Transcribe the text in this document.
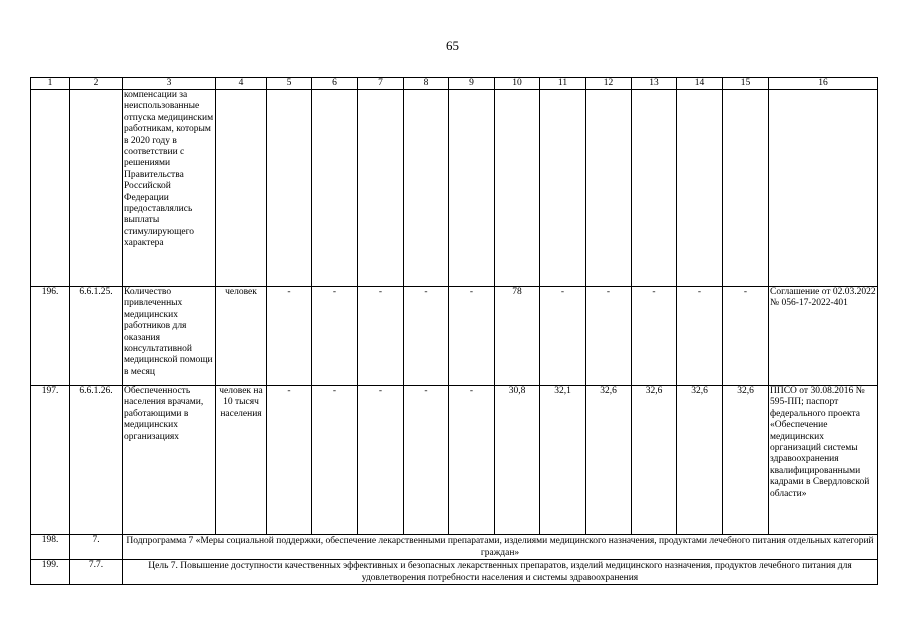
65
1	2	3	4	5	6	7	8	9	10	11	12	13	14	15	16
		компенсации за неиспользованные отпуска медицинским работникам, которым в 2020 году в соответствии с решениями Правительства Российской Федерации предоставлялись выплаты стимулирующего характера													
196.	6.6.1.25.	Количество привлеченных медицинских работников для оказания консультативной медицинской помощи в месяц	человек	-	-	-	-	-	78	-	-	-	-	-	Соглашение от 02.03.2022 № 056-17-2022-401
197.	6.6.1.26.	Обеспеченность населения врачами, работающими в медицинских организациях	человек на 10 тысяч населения	-	-	-	-	-	30,8	32,1	32,6	32,6	32,6	32,6	ППСО от 30.08.2016 № 595-ПП; паспорт федерального проекта «Обеспечение медицинских организаций системы здравоохранения квалифицированными кадрами в Свердловской области»
198.	7.	Подпрограмма 7 «Меры социальной поддержки, обеспечение лекарственными препаратами, изделиями медицинского назначения, продуктами лечебного питания отдельных категорий граждан»													
199.	7.7.	Цель 7. Повышение доступности качественных эффективных и безопасных лекарственных препаратов, изделий медицинского назначения, продуктов лечебного питания для удовлетворения потребности населения и системы здравоохранения													
